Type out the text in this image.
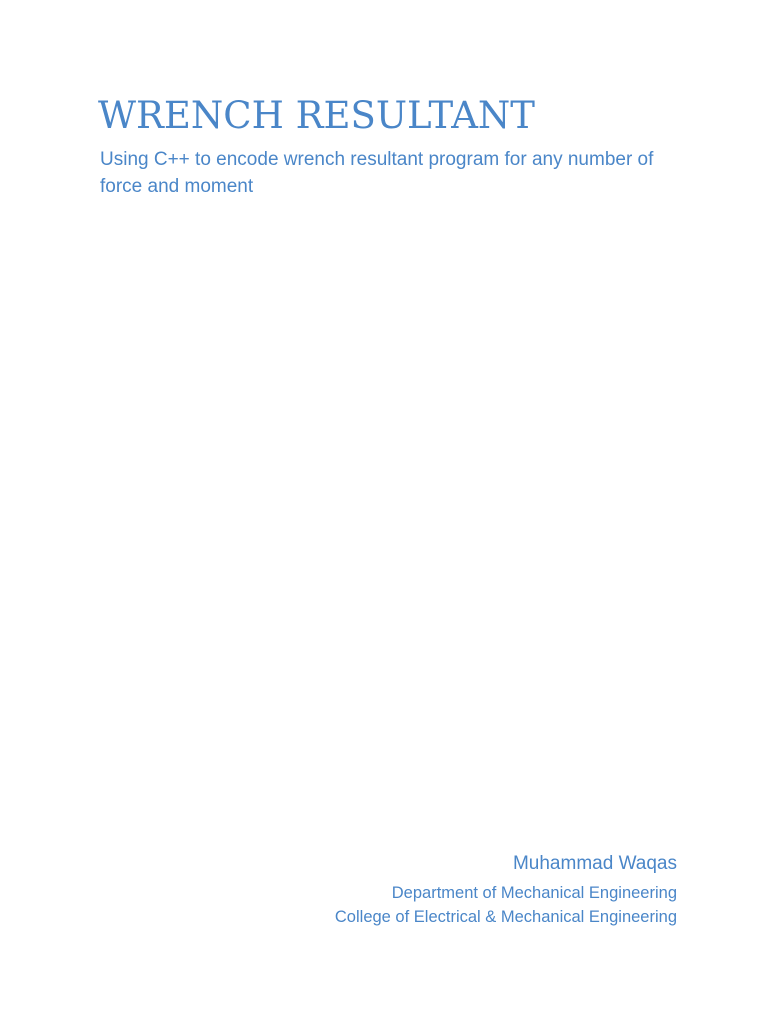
WRENCH RESULTANT

Using C++ to encode wrench resultant program for any number of force and moment

Muhammad Waqas
Department of Mechanical Engineering
College of Electrical & Mechanical Engineering
